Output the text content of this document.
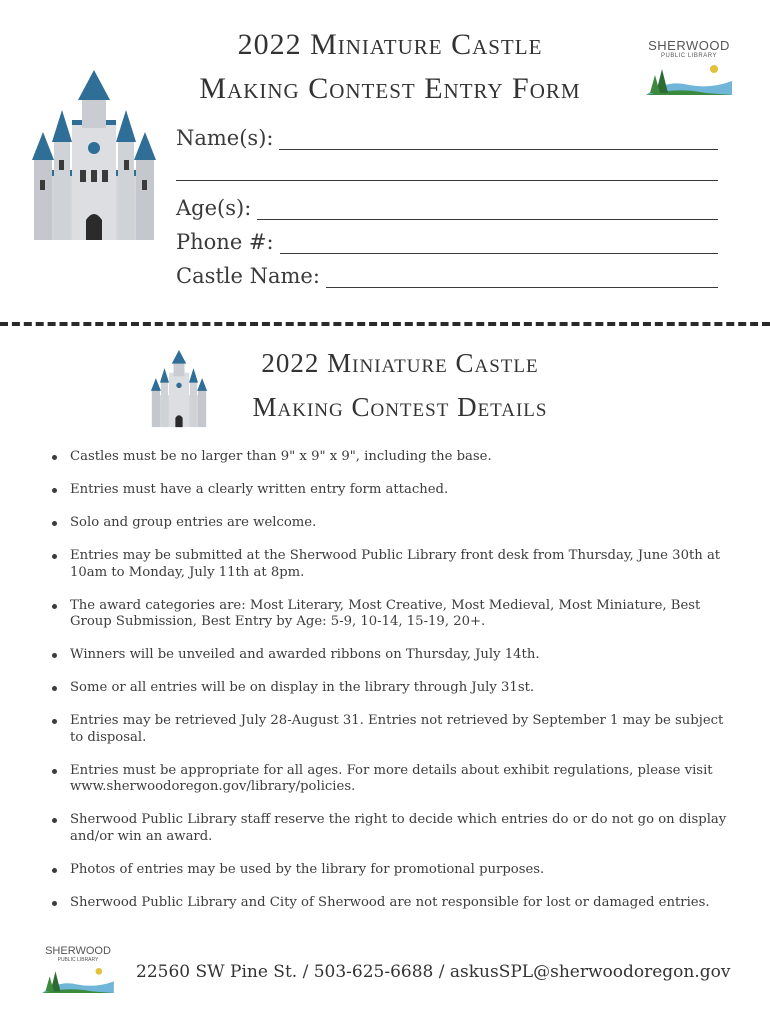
2022 Miniature Castle
Making Contest Entry Form
SHERWOOD
PUBLIC LIBRARY
Name(s):
Age(s):
Phone #:
Castle Name:
2022 Miniature Castle
Making Contest Details
Castles must be no larger than 9" x 9" x 9", including the base.
Entries must have a clearly written entry form attached.
Solo and group entries are welcome.
Entries may be submitted at the Sherwood Public Library front desk from Thursday, June 30th at 10am to Monday, July 11th at 8pm.
The award categories are: Most Literary, Most Creative, Most Medieval, Most Miniature, Best Group Submission, Best Entry by Age: 5-9, 10-14, 15-19, 20+.
Winners will be unveiled and awarded ribbons on Thursday, July 14th.
Some or all entries will be on display in the library through July 31st.
Entries may be retrieved July 28-August 31. Entries not retrieved by September 1 may be subject to disposal.
Entries must be appropriate for all ages. For more details about exhibit regulations, please visit www.sherwoodoregon.gov/library/policies.
Sherwood Public Library staff reserve the right to decide which entries do or do not go on display and/or win an award.
Photos of entries may be used by the library for promotional purposes.
Sherwood Public Library and City of Sherwood are not responsible for lost or damaged entries.
SHERWOOD
PUBLIC LIBRARY
22560 SW Pine St. / 503-625-6688 / askusSPL@sherwoodoregon.gov
